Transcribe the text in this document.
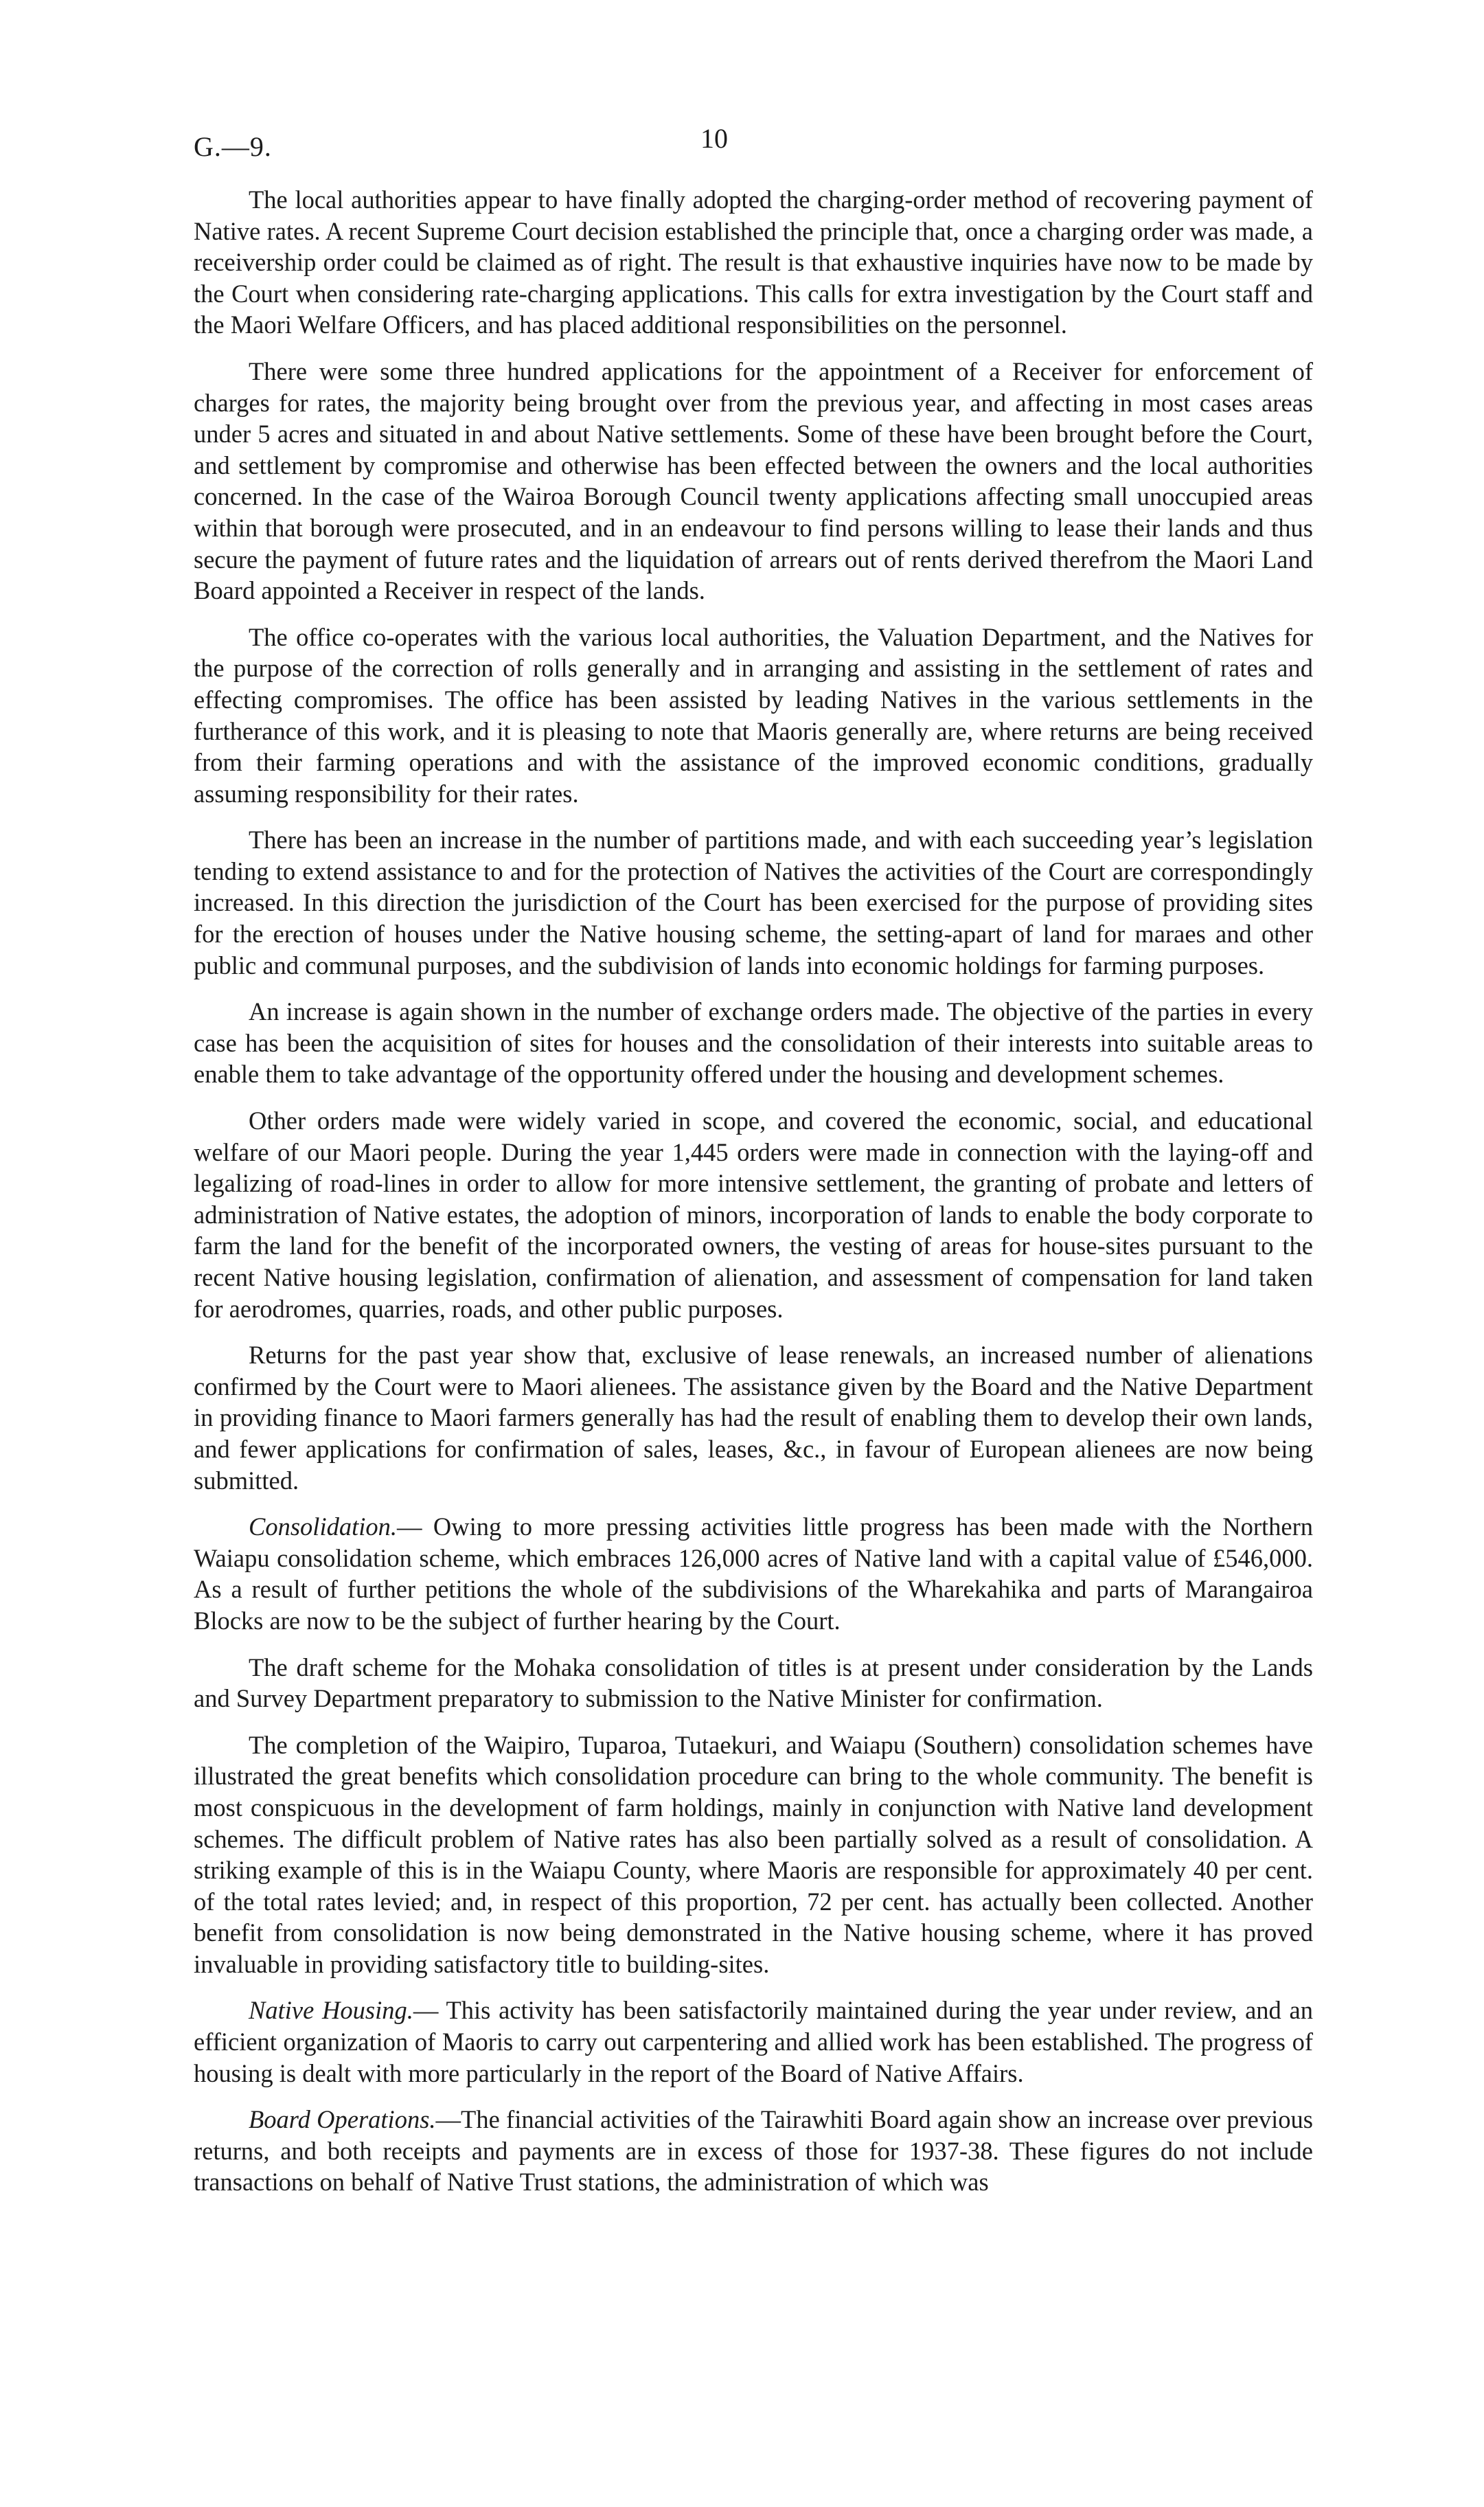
G.—9.	10

The local authorities appear to have finally adopted the charging-order method of recovering payment of Native rates. A recent Supreme Court decision established the principle that, once a charging order was made, a receivership order could be claimed as of right. The result is that exhaustive inquiries have now to be made by the Court when considering rate-charging applications. This calls for extra investigation by the Court staff and the Maori Welfare Officers, and has placed additional responsibilities on the personnel.

There were some three hundred applications for the appointment of a Receiver for enforcement of charges for rates, the majority being brought over from the previous year, and affecting in most cases areas under 5 acres and situated in and about Native settlements. Some of these have been brought before the Court, and settlement by compromise and otherwise has been effected between the owners and the local authorities concerned. In the case of the Wairoa Borough Council twenty applications affecting small unoccupied areas within that borough were prosecuted, and in an endeavour to find persons willing to lease their lands and thus secure the payment of future rates and the liquidation of arrears out of rents derived therefrom the Maori Land Board appointed a Receiver in respect of the lands.

The office co-operates with the various local authorities, the Valuation Department, and the Natives for the purpose of the correction of rolls generally and in arranging and assisting in the settlement of rates and effecting compromises. The office has been assisted by leading Natives in the various settlements in the furtherance of this work, and it is pleasing to note that Maoris generally are, where returns are being received from their farming operations and with the assistance of the improved economic conditions, gradually assuming responsibility for their rates.

There has been an increase in the number of partitions made, and with each succeeding year’s legislation tending to extend assistance to and for the protection of Natives the activities of the Court are correspondingly increased. In this direction the jurisdiction of the Court has been exercised for the purpose of providing sites for the erection of houses under the Native housing scheme, the setting-apart of land for maraes and other public and communal purposes, and the subdivision of lands into economic holdings for farming purposes.

An increase is again shown in the number of exchange orders made. The objective of the parties in every case has been the acquisition of sites for houses and the consolidation of their interests into suitable areas to enable them to take advantage of the opportunity offered under the housing and development schemes.

Other orders made were widely varied in scope, and covered the economic, social, and educational welfare of our Maori people. During the year 1,445 orders were made in connection with the laying-off and legalizing of road-lines in order to allow for more intensive settlement, the granting of probate and letters of administration of Native estates, the adoption of minors, incorporation of lands to enable the body corporate to farm the land for the benefit of the incorporated owners, the vesting of areas for house-sites pursuant to the recent Native housing legislation, confirmation of alienation, and assessment of compensation for land taken for aerodromes, quarries, roads, and other public purposes.

Returns for the past year show that, exclusive of lease renewals, an increased number of alienations confirmed by the Court were to Maori alienees. The assistance given by the Board and the Native Department in providing finance to Maori farmers generally has had the result of enabling them to develop their own lands, and fewer applications for confirmation of sales, leases, &c., in favour of European alienees are now being submitted.

Consolidation.— Owing to more pressing activities little progress has been made with the Northern Waiapu consolidation scheme, which embraces 126,000 acres of Native land with a capital value of £546,000. As a result of further petitions the whole of the subdivisions of the Wharekahika and parts of Marangairoa Blocks are now to be the subject of further hearing by the Court.

The draft scheme for the Mohaka consolidation of titles is at present under consideration by the Lands and Survey Department preparatory to submission to the Native Minister for confirmation.

The completion of the Waipiro, Tuparoa, Tutaekuri, and Waiapu (Southern) consolidation schemes have illustrated the great benefits which consolidation procedure can bring to the whole community. The benefit is most conspicuous in the development of farm holdings, mainly in conjunction with Native land development schemes. The difficult problem of Native rates has also been partially solved as a result of consolidation. A striking example of this is in the Waiapu County, where Maoris are responsible for approximately 40 per cent. of the total rates levied; and, in respect of this proportion, 72 per cent. has actually been collected. Another benefit from consolidation is now being demonstrated in the Native housing scheme, where it has proved invaluable in providing satisfactory title to building-sites.

Native Housing.— This activity has been satisfactorily maintained during the year under review, and an efficient organization of Maoris to carry out carpentering and allied work has been established. The progress of housing is dealt with more particularly in the report of the Board of Native Affairs.

Board Operations.—The financial activities of the Tairawhiti Board again show an increase over previous returns, and both receipts and payments are in excess of those for 1937-38. These figures do not include transactions on behalf of Native Trust stations, the administration of which was
